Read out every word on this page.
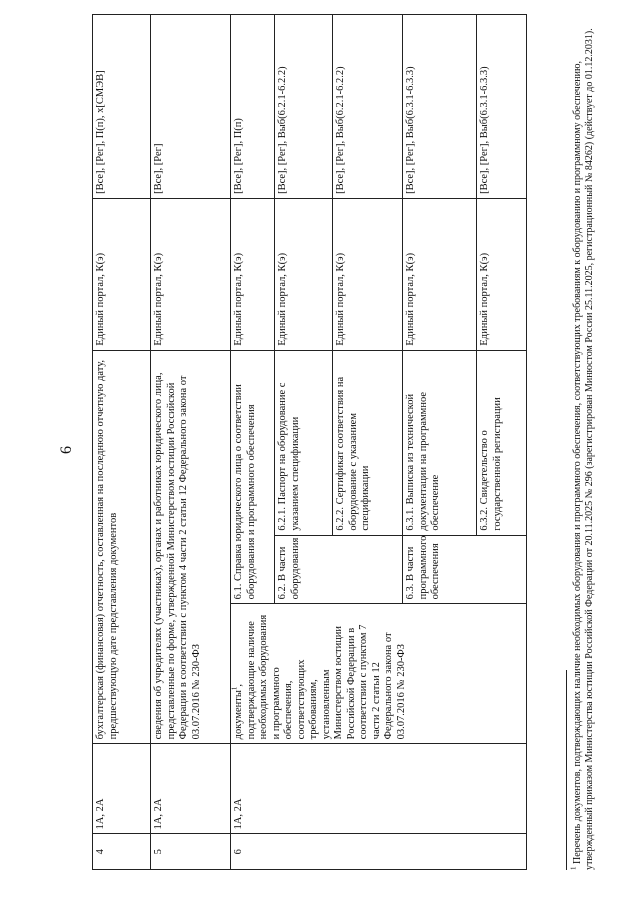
6
4	1А, 2А	бухгалтерская (финансовая) отчетность, составленная на последнюю отчетную дату, предшествующую дате представления документов			Единый портал, К(э)	[Все], [Рег], П(п), х[СМЭВ]
5	1А, 2А	сведения об учредителях (участниках), органах и работниках юридического лица, представленные по форме, утвержденной Министерством юстиции Российской Федерации в соответствии с пунктом 4 части 2 статьи 12 Федерального закона от 03.07.2016 № 230-ФЗ			Единый портал, К(э)	[Все], [Рег]
6	1А, 2А	документы$^1$, подтверждающие наличие необходимых оборудования и программного обеспечения, соответствующих требованиям, установленным Министерством юстиции Российской Федерации в соответствии с пунктом 7 части 2 статьи 12 Федерального закона от 03.07.2016 № 230-ФЗ	6.1. Справка юридического лица о соответствии оборудования и программного обеспечения		Единый портал, К(э)	[Все], [Рег], П(п)
			6.2. В части оборудования	6.2.1. Паспорт на оборудование с указанием спецификации	Единый портал, К(э)	[Все], [Рег], Выб(6.2.1-6.2.2)
				6.2.2. Сертификат соответствия на оборудование с указанием спецификации	Единый портал, К(э)	[Все], [Рег], Выб(6.2.1-6.2.2)
			6.3. В части программного обеспечения	6.3.1. Выписка из технической документации на программное обеспечение	Единый портал, К(э)	[Все], [Рег], Выб(6.3.1-6.3.3)
				6.3.2. Свидетельство о государственной регистрации	Единый портал, К(э)	[Все], [Рег], Выб(6.3.1-6.3.3)
$^1$ Перечень документов, подтверждающих наличие необходимых оборудования и программного обеспечения, соответствующих требованиям к оборудованию и программному обеспечению, утвержденный приказом Министерства юстиции Российской Федерации от 20.11.2025 № 296 (зарегистрирован Минюстом России 25.11.2025, регистрационный № 84262) (действует до 01.12.2031).
